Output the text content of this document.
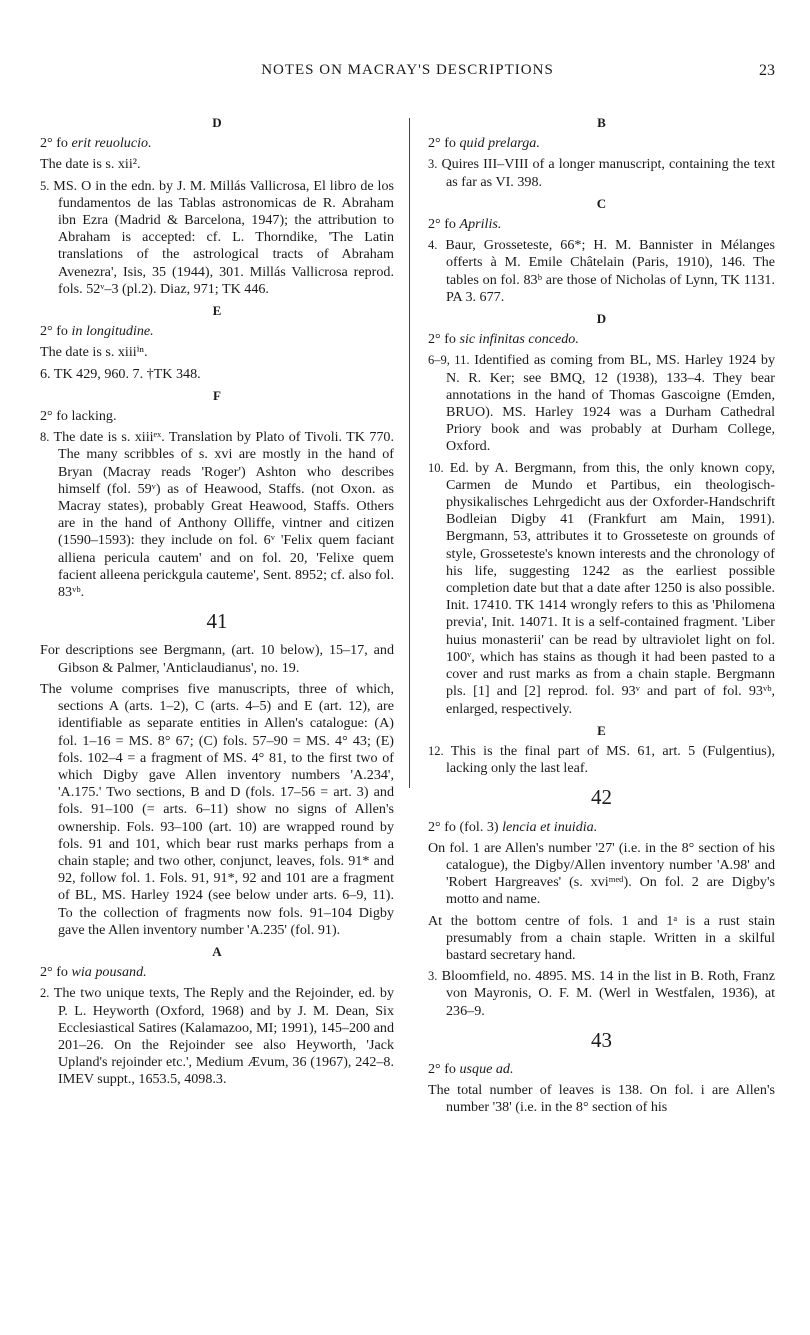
NOTES ON MACRAY'S DESCRIPTIONS	23
D
2° fo erit reuolucio.
The date is s. xii².
5. MS. O in the edn. by J. M. Millás Vallicrosa, El libro de los fundamentos de las Tablas astronomicas de R. Abraham ibn Ezra (Madrid & Barcelona, 1947); the attribution to Abraham is accepted: cf. L. Thorndike, 'The Latin translations of the astrological tracts of Abraham Avenezra', Isis, 35 (1944), 301. Millás Vallicrosa reprod. fols. 52ᵛ–3 (pl.2). Diaz, 971; TK 446.
E
2° fo in longitudine.
The date is s. xiiiⁱⁿ.
6. TK 429, 960. 7. †TK 348.
F
2° fo lacking.
8. The date is s. xiiiᵉˣ. Translation by Plato of Tivoli. TK 770. The many scribbles of s. xvi are mostly in the hand of Bryan (Macray reads 'Roger') Ashton who describes himself (fol. 59ᵛ) as of Heawood, Staffs. (not Oxon. as Macray states), probably Great Heawood, Staffs. Others are in the hand of Anthony Olliffe, vintner and citizen (1590–1593): they include on fol. 6ᵛ 'Felix quem faciant alliena pericula cautem' and on fol. 20, 'Felixe quem facient alleena perickgula cauteme', Sent. 8952; cf. also fol. 83ᵛᵇ.
41
For descriptions see Bergmann, (art. 10 below), 15–17, and Gibson & Palmer, 'Anticlaudianus', no. 19.
The volume comprises five manuscripts, three of which, sections A (arts. 1–2), C (arts. 4–5) and E (art. 12), are identifiable as separate entities in Allen's catalogue: (A) fol. 1–16 = MS. 8° 67; (C) fols. 57–90 = MS. 4° 43; (E) fols. 102–4 = a fragment of MS. 4° 81, to the first two of which Digby gave Allen inventory numbers 'A.234', 'A.175.' Two sections, B and D (fols. 17–56 = art. 3) and fols. 91–100 (= arts. 6–11) show no signs of Allen's ownership. Fols. 93–100 (art. 10) are wrapped round by fols. 91 and 101, which bear rust marks perhaps from a chain staple; and two other, conjunct, leaves, fols. 91* and 92, follow fol. 1. Fols. 91, 91*, 92 and 101 are a fragment of BL, MS. Harley 1924 (see below under arts. 6–9, 11). To the collection of fragments now fols. 91–104 Digby gave the Allen inventory number 'A.235' (fol. 91).
A
2° fo wia pousand.
2. The two unique texts, The Reply and the Rejoinder, ed. by P. L. Heyworth (Oxford, 1968) and by J. M. Dean, Six Ecclesiastical Satires (Kalamazoo, MI; 1991), 145–200 and 201–26. On the Rejoinder see also Heyworth, 'Jack Upland's rejoinder etc.', Medium Ævum, 36 (1967), 242–8. IMEV suppt., 1653.5, 4098.3.
B
2° fo quid prelarga.
3. Quires III–VIII of a longer manuscript, containing the text as far as VI. 398.
C
2° fo Aprilis.
4. Baur, Grosseteste, 66*; H. M. Bannister in Mélanges offerts à M. Emile Châtelain (Paris, 1910), 146. The tables on fol. 83ᵇ are those of Nicholas of Lynn, TK 1131. PA 3. 677.
D
2° fo sic infinitas concedo.
6–9, 11. Identified as coming from BL, MS. Harley 1924 by N. R. Ker; see BMQ, 12 (1938), 133–4. They bear annotations in the hand of Thomas Gascoigne (Emden, BRUO). MS. Harley 1924 was a Durham Cathedral Priory book and was probably at Durham College, Oxford.
10. Ed. by A. Bergmann, from this, the only known copy, Carmen de Mundo et Partibus, ein theologisch-physikalisches Lehrgedicht aus der Oxforder-Handschrift Bodleian Digby 41 (Frankfurt am Main, 1991). Bergmann, 53, attributes it to Grosseteste on grounds of style, Grosseteste's known interests and the chronology of his life, suggesting 1242 as the earliest possible completion date but that a date after 1250 is also possible. Init. 17410. TK 1414 wrongly refers to this as 'Philomena previa', Init. 14071. It is a self-contained fragment. 'Liber huius monasterii' can be read by ultraviolet light on fol. 100ᵛ, which has stains as though it had been pasted to a cover and rust marks as from a chain staple. Bergmann pls. [1] and [2] reprod. fol. 93ᵛ and part of fol. 93ᵛᵇ, enlarged, respectively.
E
12. This is the final part of MS. 61, art. 5 (Fulgentius), lacking only the last leaf.
42
2° fo (fol. 3) lencia et inuidia.
On fol. 1 are Allen's number '27' (i.e. in the 8° section of his catalogue), the Digby/Allen inventory number 'A.98' and 'Robert Hargreaves' (s. xviᵐᵉᵈ). On fol. 2 are Digby's motto and name.
At the bottom centre of fols. 1 and 1ᵃ is a rust stain presumably from a chain staple. Written in a skilful bastard secretary hand.
3. Bloomfield, no. 4895. MS. 14 in the list in B. Roth, Franz von Mayronis, O. F. M. (Werl in Westfalen, 1936), at 236–9.
43
2° fo usque ad.
The total number of leaves is 138. On fol. i are Allen's number '38' (i.e. in the 8° section of his
